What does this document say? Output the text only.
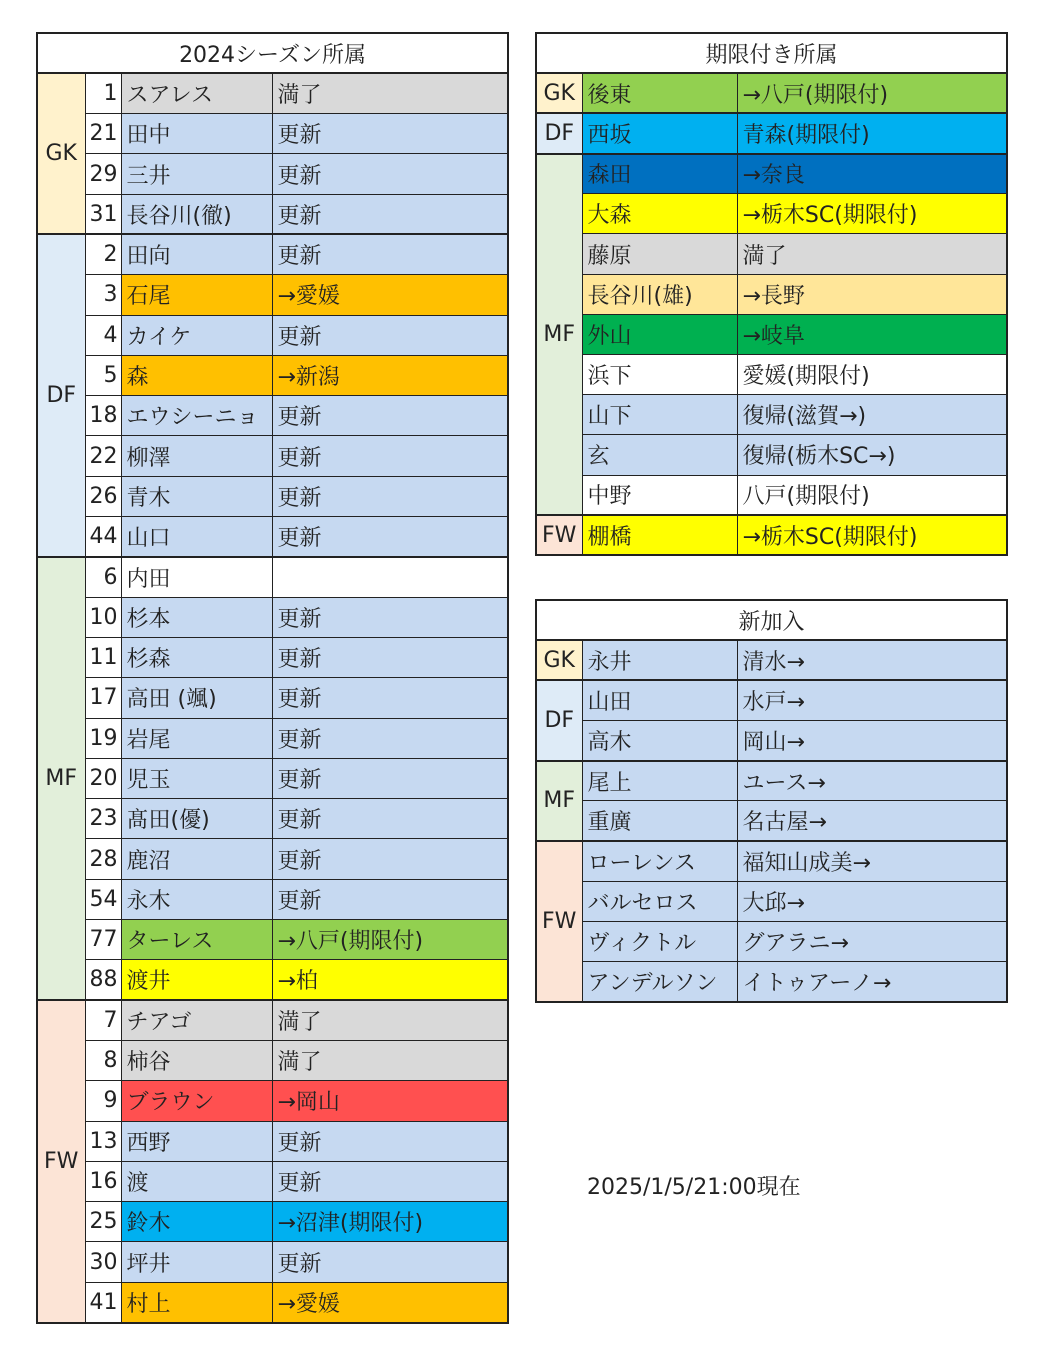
2024シーズン所属			
GK	1	スアレス	満了
	21	田中	更新
	29	三井	更新
	31	長谷川(徹)	更新
DF	2	田向	更新
	3	石尾	→愛媛
	4	カイケ	更新
	5	森	→新潟
	18	エウシーニョ	更新
	22	柳澤	更新
	26	青木	更新
	44	山口	更新
MF	6	内田	
	10	杉本	更新
	11	杉森	更新
	17	高田 (颯)	更新
	19	岩尾	更新
	20	児玉	更新
	23	髙田(優)	更新
	28	鹿沼	更新
	54	永木	更新
	77	ターレス	→八戸(期限付)
	88	渡井	→柏
FW	7	チアゴ	満了
	8	柿谷	満了
	9	ブラウン	→岡山
	13	西野	更新
	16	渡	更新
	25	鈴木	→沼津(期限付)
	30	坪井	更新
	41	村上	→愛媛
期限付き所属		
GK	後東	→八戸(期限付)
DF	西坂	青森(期限付)
MF	森田	→奈良
	大森	→栃木SC(期限付)
	藤原	満了
	長谷川(雄)	→長野
	外山	→岐阜
	浜下	愛媛(期限付)
	山下	復帰(滋賀→)
	玄	復帰(栃木SC→)
	中野	八戸(期限付)
FW	棚橋	→栃木SC(期限付)
新加入		
GK	永井	清水→
DF	山田	水戸→
	高木	岡山→
MF	尾上	ユース→
	重廣	名古屋→
FW	ローレンス	福知山成美→
	バルセロス	大邱→
	ヴィクトル	グアラニ→
	アンデルソン	イトゥアーノ→
2025/1/5/21:00現在
